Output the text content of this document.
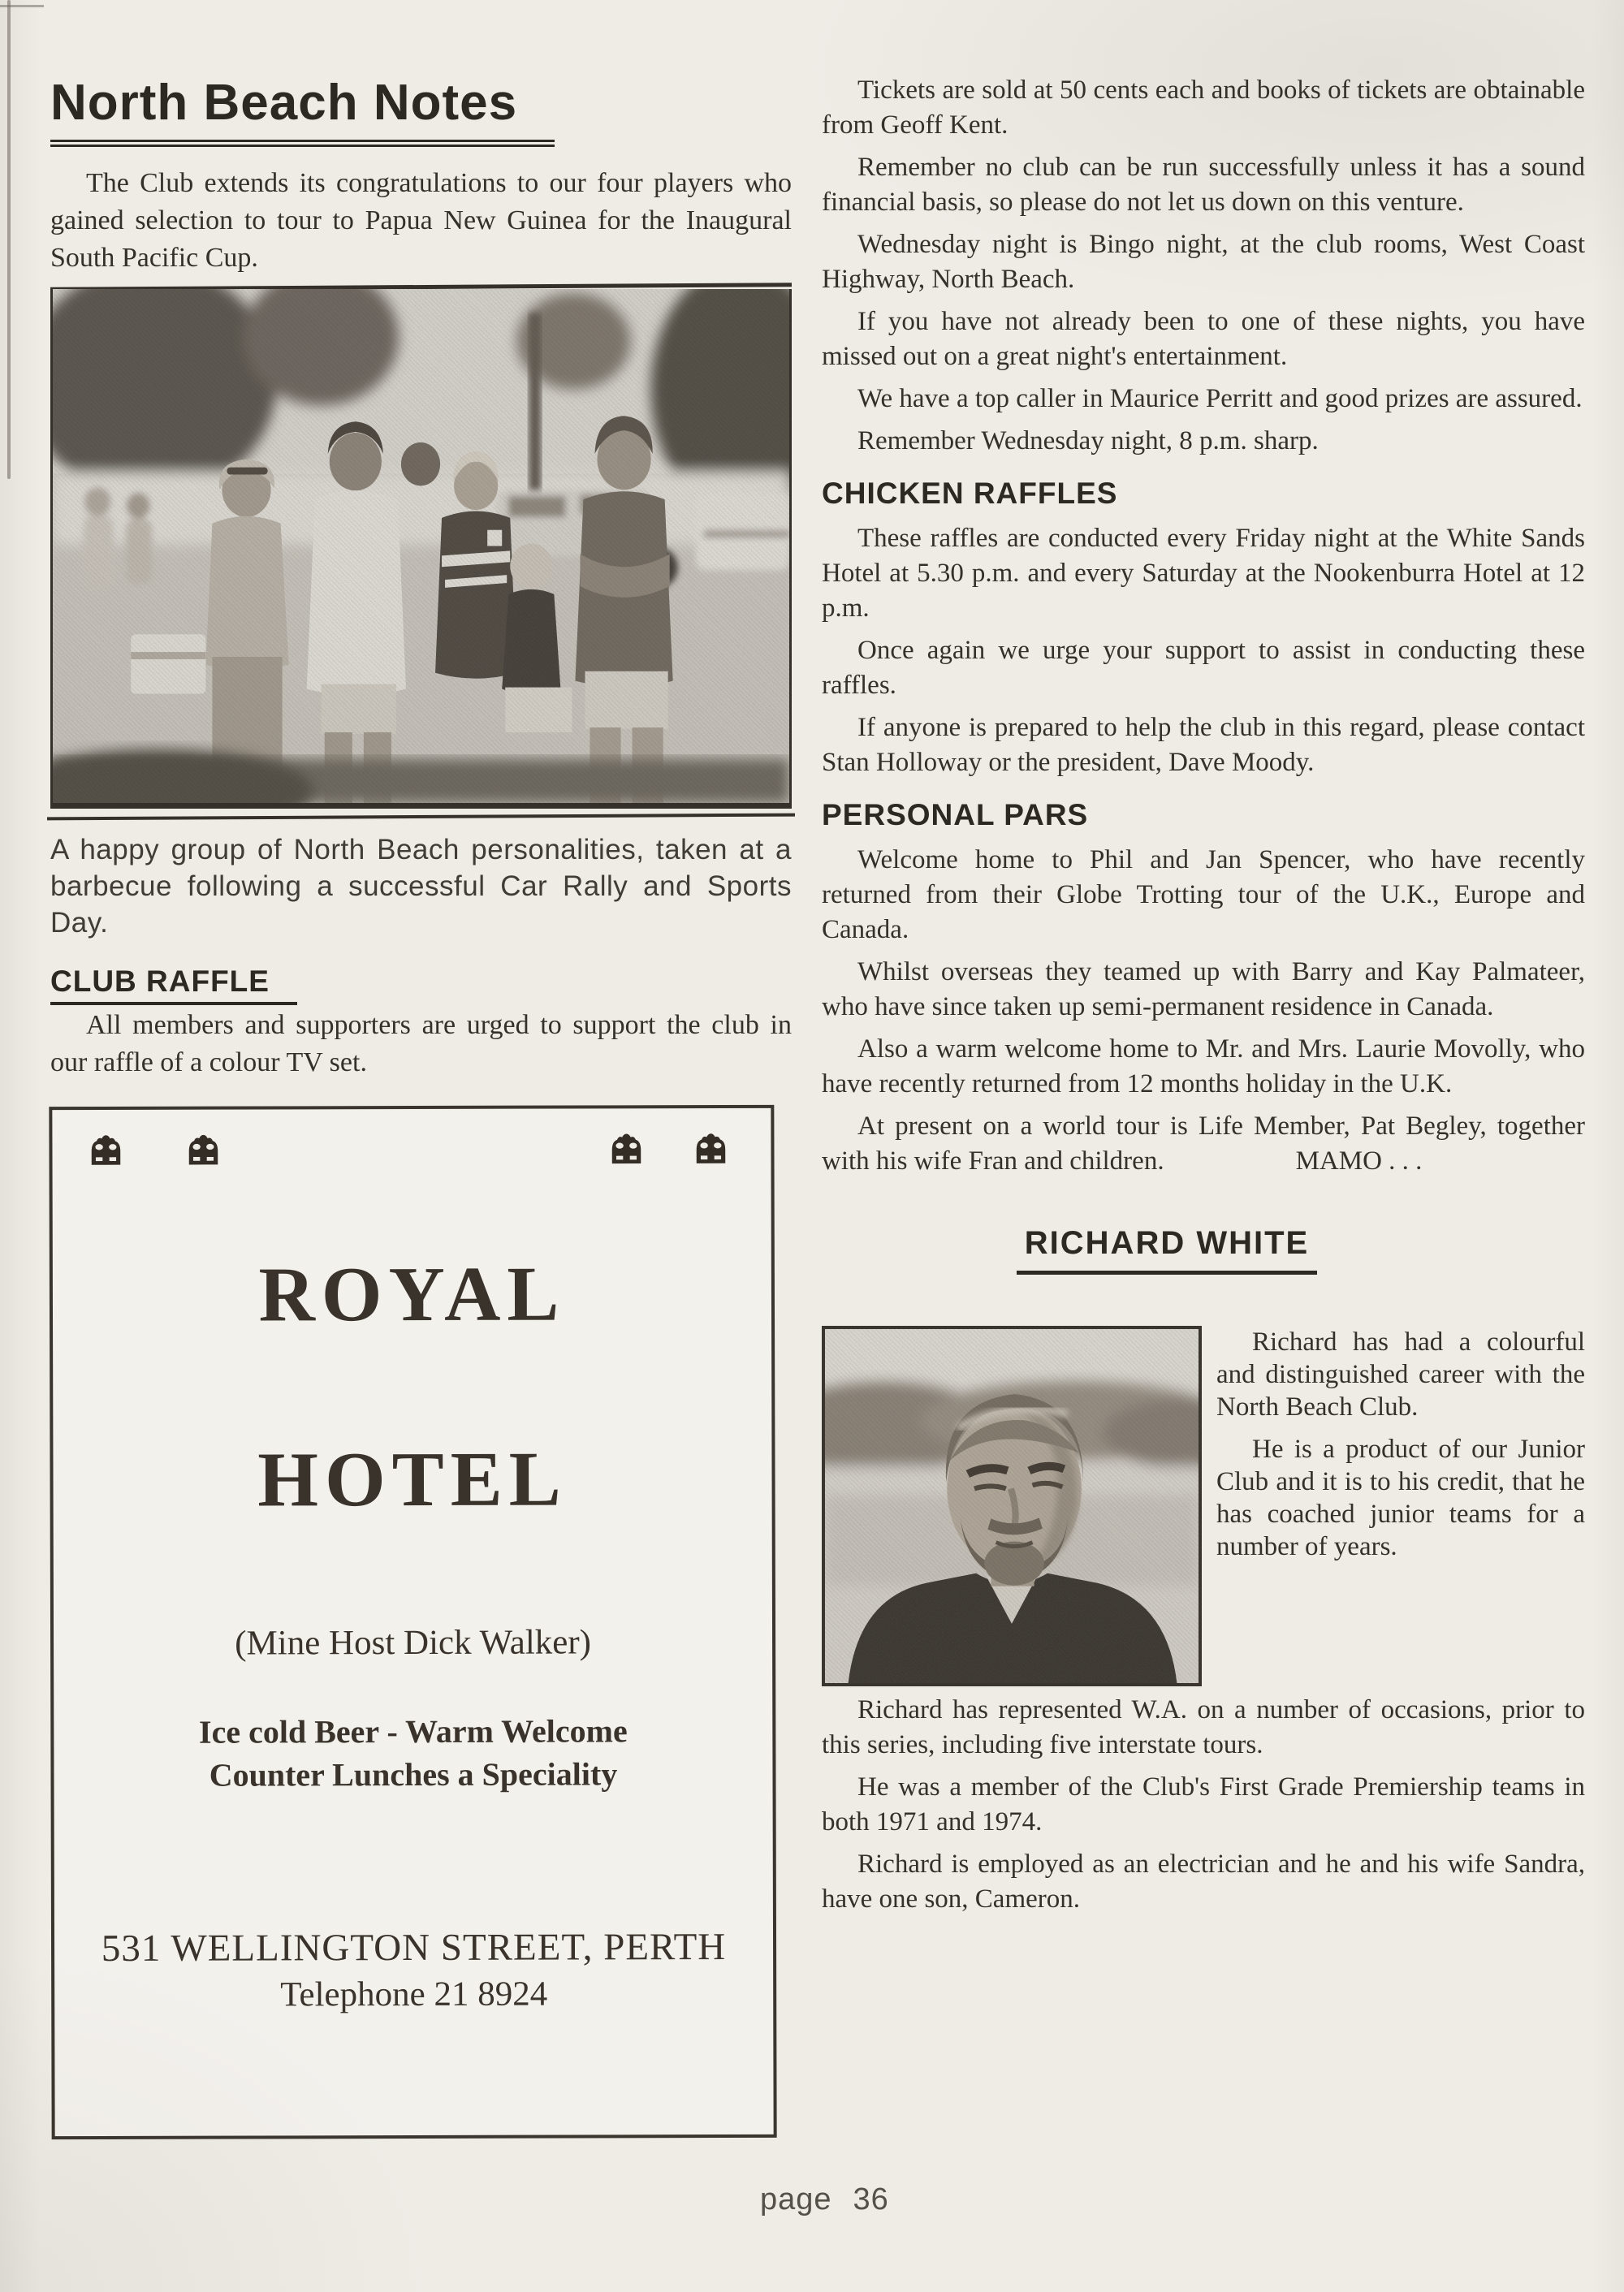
North Beach Notes

The Club extends its congratulations to our four players who gained selection to tour to Papua New Guinea for the Inaugural South Pacific Cup.

A happy group of North Beach personalities, taken at a barbecue following a successful Car Rally and Sports Day.

CLUB RAFFLE

All members and supporters are urged to support the club in our raffle of a colour TV set.

ROYAL
HOTEL
(Mine Host Dick Walker)
Ice cold Beer - Warm Welcome
Counter Lunches a Speciality
531 WELLINGTON STREET, PERTH
Telephone 21 8924

Tickets are sold at 50 cents each and books of tickets are obtainable from Geoff Kent.

Remember no club can be run successfully unless it has a sound financial basis, so please do not let us down on this venture.

Wednesday night is Bingo night, at the club rooms, West Coast Highway, North Beach.

If you have not already been to one of these nights, you have missed out on a great night's entertainment.

We have a top caller in Maurice Perritt and good prizes are assured.

Remember Wednesday night, 8 p.m. sharp.

CHICKEN RAFFLES

These raffles are conducted every Friday night at the White Sands Hotel at 5.30 p.m. and every Saturday at the Nookenburra Hotel at 12 p.m.

Once again we urge your support to assist in conducting these raffles.

If anyone is prepared to help the club in this regard, please contact Stan Holloway or the president, Dave Moody.

PERSONAL PARS

Welcome home to Phil and Jan Spencer, who have recently returned from their Globe Trotting tour of the U.K., Europe and Canada.

Whilst overseas they teamed up with Barry and Kay Palmateer, who have since taken up semi-permanent residence in Canada.

Also a warm welcome home to Mr. and Mrs. Laurie Movolly, who have recently returned from 12 months holiday in the U.K.

At present on a world tour is Life Member, Pat Begley, together with his wife Fran and children.	MAMO . . .

RICHARD WHITE

Richard has had a colourful and distinguished career with the North Beach Club.

He is a product of our Junior Club and it is to his credit, that he has coached junior teams for a number of years.

Richard has represented W.A. on a number of occasions, prior to this series, including five interstate tours.

He was a member of the Club's First Grade Premiership teams in both 1971 and 1974.

Richard is employed as an electrician and he and his wife Sandra, have one son, Cameron.

page 36
